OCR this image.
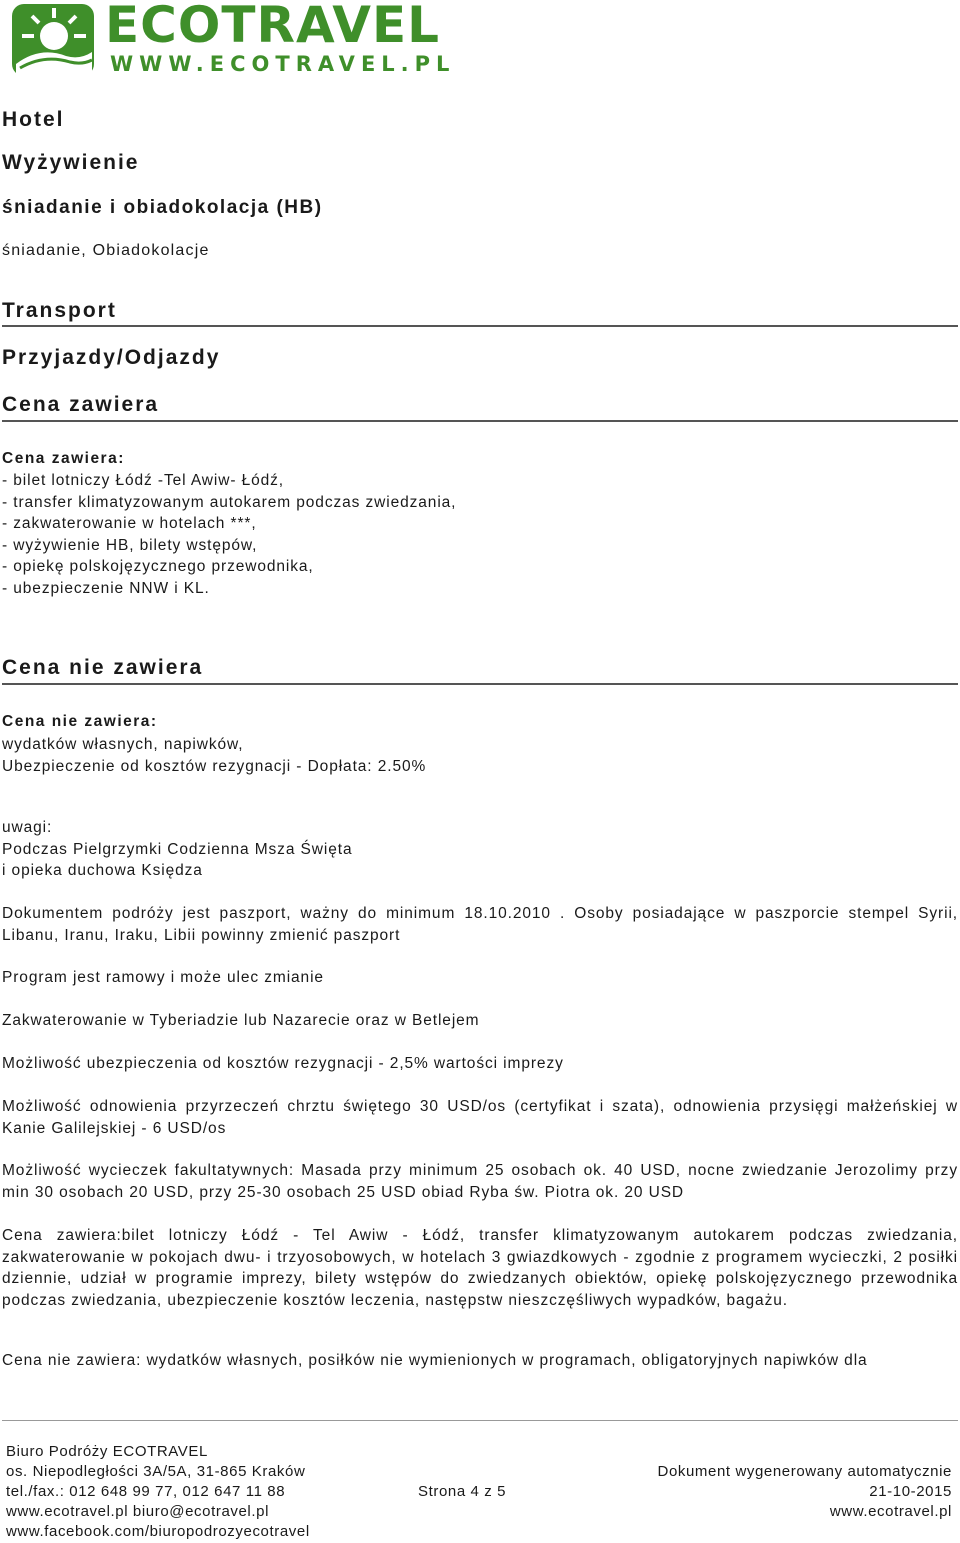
ECOTRAVEL
WWW.ECOTRAVEL.PL
Hotel
Wyżywienie
śniadanie i obiadokolacja (HB)
śniadanie, Obiadokolacje
Transport
Przyjazdy/Odjazdy
Cena zawiera
Cena zawiera:
- bilet lotniczy Łódź -Tel Awiw- Łódź,
- transfer klimatyzowanym autokarem podczas zwiedzania,
- zakwaterowanie w hotelach ***,
- wyżywienie HB, bilety wstępów,
- opiekę polskojęzycznego przewodnika,
- ubezpieczenie NNW i KL.
Cena nie zawiera
Cena nie zawiera:
wydatków własnych, napiwków,
Ubezpieczenie od kosztów rezygnacji - Dopłata: 2.50%
uwagi:
Podczas Pielgrzymki Codzienna Msza Święta
i opieka duchowa Księdza
Dokumentem podróży jest paszport, ważny do minimum 18.10.2010 . Osoby posiadające w paszporcie stempel Syrii, Libanu, Iranu, Iraku, Libii powinny zmienić paszport
Program jest ramowy i może ulec zmianie
Zakwaterowanie w Tyberiadzie lub Nazarecie oraz w Betlejem
Możliwość ubezpieczenia od kosztów rezygnacji - 2,5% wartości imprezy
Możliwość odnowienia przyrzeczeń chrztu świętego 30 USD/os (certyfikat i szata), odnowienia przysięgi małżeńskiej w Kanie Galilejskiej - 6 USD/os
Możliwość wycieczek fakultatywnych: Masada przy minimum 25 osobach ok. 40 USD, nocne zwiedzanie Jerozolimy przy min 30 osobach 20 USD, przy 25-30 osobach 25 USD obiad Ryba św. Piotra ok. 20 USD
Cena zawiera:bilet lotniczy Łódź - Tel Awiw - Łódź, transfer klimatyzowanym autokarem podczas zwiedzania, zakwaterowanie w pokojach dwu- i trzyosobowych, w hotelach 3 gwiazdkowych - zgodnie z programem wycieczki, 2 posiłki dziennie, udział w programie imprezy, bilety wstępów do zwiedzanych obiektów, opiekę polskojęzycznego przewodnika podczas zwiedzania, ubezpieczenie kosztów leczenia, następstw nieszczęśliwych wypadków, bagażu.
Cena nie zawiera: wydatków własnych, posiłków nie wymienionych w programach, obligatoryjnych napiwków dla
Biuro Podróży ECOTRAVEL
os. Niepodległości 3A/5A, 31-865 Kraków
tel./fax.: 012 648 99 77, 012 647 11 88
www.ecotravel.pl biuro@ecotravel.pl
www.facebook.com/biuropodrozyecotravel
Strona 4 z 5
Dokument wygenerowany automatycznie
21-10-2015
www.ecotravel.pl
